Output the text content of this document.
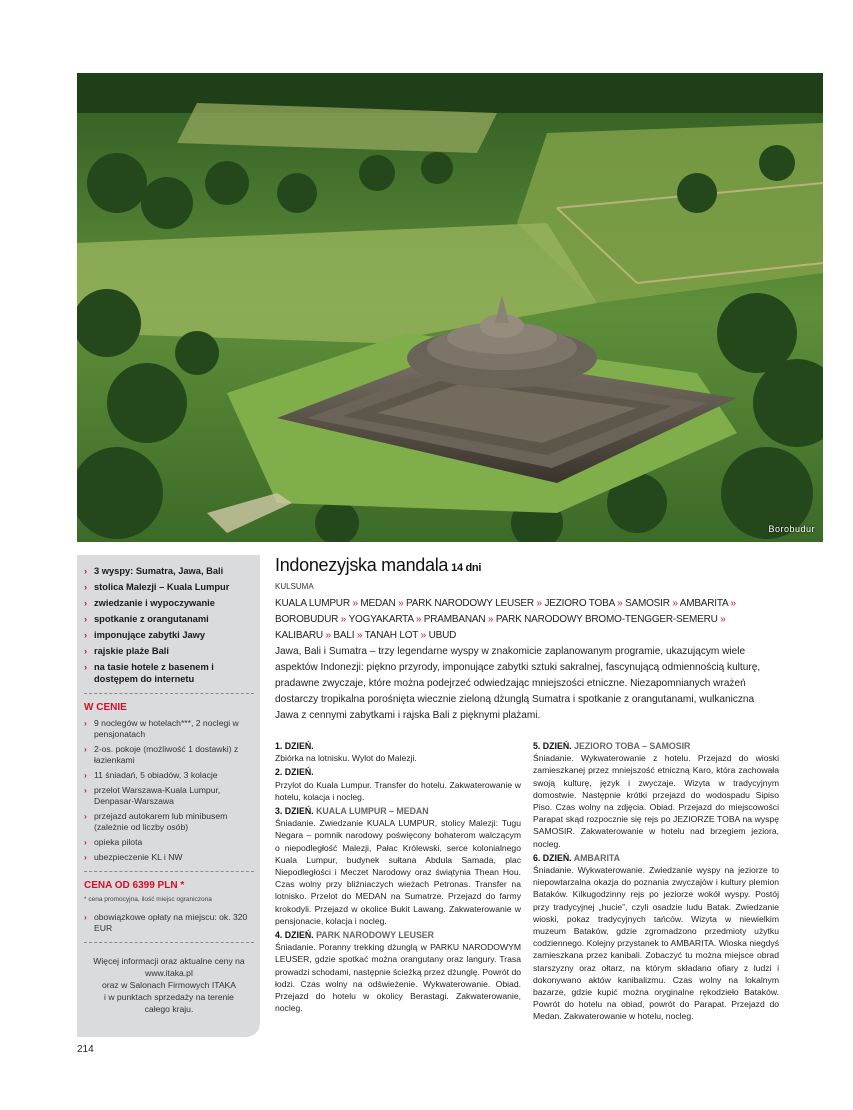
Borobudur
› 3 wyspy: Sumatra, Jawa, Bali
› stolica Malezji – Kuala Lumpur
› zwiedzanie i wypoczywanie
› spotkanie z orangutanami
› imponujące zabytki Jawy
› rajskie plaże Bali
› na tasie hotele z basenem i dostępem do internetu
W CENIE
› 9 noclegów w hotelach***, 2 noclegi w pensjonatach
› 2-os. pokoje (możliwość 1 dostawki) z łazienkami
› 11 śniadań, 5 obiadów, 3 kolacje
› przelot Warszawa-Kuala Lumpur, Denpasar-Warszawa
› przejazd autokarem lub minibusem (zależnie od liczby osób)
› opieka pilota
› ubezpieczenie KL i NW
CENA OD 6399 PLN *
* cena promocyjna, ilość miejsc ograniczona
› obowiązkowe opłaty na miejscu: ok. 320 EUR
Więcej informacji oraz aktualne ceny na
www.itaka.pl
oraz w Salonach Firmowych ITAKA
i w punktach sprzedaży na terenie
całego kraju.
Indonezyjska mandala 14 dni
KULSUMA
KUALA LUMPUR » MEDAN » PARK NARODOWY LEUSER » JEZIORO TOBA » SAMOSIR » AMBARITA » BOROBUDUR » YOGYAKARTA » PRAMBANAN » PARK NARODOWY BROMO-TENGGER-SEMERU » KALIBARU » BALI » TANAH LOT » UBUD
Jawa, Bali i Sumatra – trzy legendarne wyspy w znakomicie zaplanowanym programie, ukazującym wiele aspektów Indonezji: piękno przyrody, imponujące zabytki sztuki sakralnej, fascynującą odmiennością kulturę, pradawne zwyczaje, które można podejrzeć odwiedzając mniejszości etniczne. Niezapomnianych wrażeń dostarczy tropikalna porośnięta wiecznie zieloną dżunglą Sumatra i spotkanie z orangutanami, wulkaniczna Jawa z cennymi zabytkami i rajska Bali z pięknymi plażami.
1. DZIEŃ.

Zbiórka na lotnisku. Wylot do Malezji.

2. DZIEŃ.

Przylot do Kuala Lumpur. Transfer do hotelu. Zakwaterowanie w hotelu, kolacja i nocleg.

3. DZIEŃ. KUALA LUMPUR – MEDAN

Śniadanie. Zwiedzanie KUALA LUMPUR, stolicy Malezji: Tugu Negara – pomnik narodowy poświęcony bohaterom walczącym o niepodległość Malezji, Pałac Królewski, serce kolonialnego Kuala Lumpur, budynek sułtana Abdula Samada, plac Niepodległości i Meczet Narodowy oraz świątynia Thean Hou. Czas wolny przy bliźniaczych wieżach Petronas. Transfer na lotnisko. Przelot do MEDAN na Sumatrze. Przejazd do farmy krokodyli. Przejazd w okolice Bukit Lawang. Zakwaterowanie w pensjonacie, kolacja i nocleg.

4. DZIEŃ. PARK NARODOWY LEUSER

Śniadanie. Poranny trekking dżunglą w PARKU NARODOWYM LEUSER, gdzie spotkać można orangutany oraz langury. Trasa prowadzi schodami, następnie ścieżką przez dżunglę. Powrót do łodzi. Czas wolny na odświeżenie. Wykwaterowanie. Obiad. Przejazd do hotelu w okolicy Berastagi. Zakwaterowanie, nocleg.

5. DZIEŃ. JEZIORO TOBA – SAMOSIR

Śniadanie. Wykwaterowanie z hotelu. Przejazd do wioski zamieszkanej przez mniejszość etniczną Karo, która zachowała swoją kulturę, język i zwyczaje. Wizyta w tradycyjnym domostwie. Następnie krótki przejazd do wodospadu Sipiso Piso. Czas wolny na zdjęcia. Obiad. Przejazd do miejscowości Parapat skąd rozpocznie się rejs po JEZIORZE TOBA na wyspę SAMOSIR. Zakwaterowanie w hotelu nad brzegiem jeziora, nocleg.

6. DZIEŃ. AMBARITA

Śniadanie. Wykwaterowanie. Zwiedzanie wyspy na jeziorze to niepowtarzalna okazja do poznania zwyczajów i kultury plemion Bataków. Kilkugodzinny rejs po jeziorze wokół wyspy. Postój przy tradycyjnej „hucie”, czyli osadzie ludu Batak. Zwiedzanie wioski, pokaz tradycyjnych tańców. Wizyta w niewielkim muzeum Bataków, gdzie zgromadzono przedmioty użytku codziennego. Kolejny przystanek to AMBARITA. Wioska niegdyś zamieszkana przez kanibali. Zobaczyć tu można miejsce obrad starszyzny oraz ołtarz, na którym składano ofiary z ludzi i dokonywano aktów kanibalizmu. Czas wolny na lokalnym bazarze, gdzie kupić można oryginalne rękodzieło Bataków. Powrót do hotelu na obiad, powrót do Parapat. Przejazd do Medan. Zakwaterowanie w hotelu, nocleg.

214
